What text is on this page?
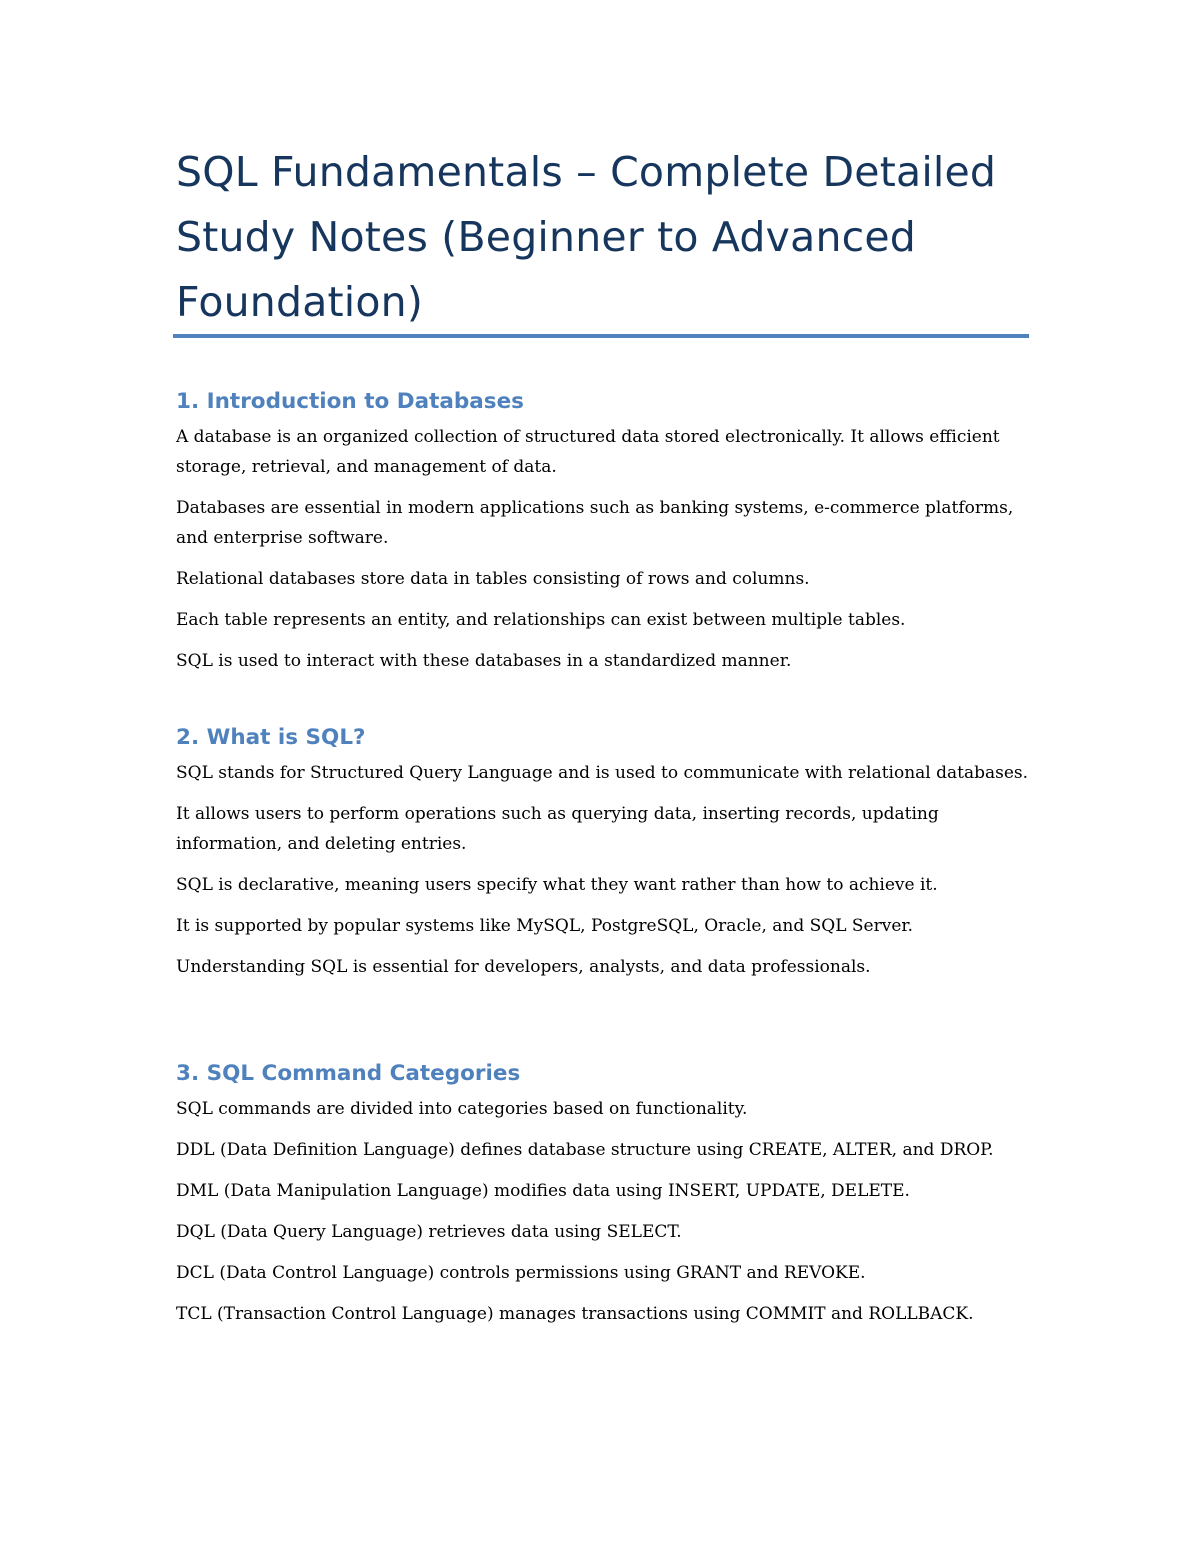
SQL Fundamentals – Complete Detailed Study Notes (Beginner to Advanced Foundation)
1. Introduction to Databases

A database is an organized collection of structured data stored electronically. It allows efficient storage, retrieval, and management of data.

Databases are essential in modern applications such as banking systems, e-commerce platforms, and enterprise software.

Relational databases store data in tables consisting of rows and columns.

Each table represents an entity, and relationships can exist between multiple tables.

SQL is used to interact with these databases in a standardized manner.

2. What is SQL?

SQL stands for Structured Query Language and is used to communicate with relational databases.

It allows users to perform operations such as querying data, inserting records, updating information, and deleting entries.

SQL is declarative, meaning users specify what they want rather than how to achieve it.

It is supported by popular systems like MySQL, PostgreSQL, Oracle, and SQL Server.

Understanding SQL is essential for developers, analysts, and data professionals.

3. SQL Command Categories

SQL commands are divided into categories based on functionality.

DDL (Data Definition Language) defines database structure using CREATE, ALTER, and DROP.

DML (Data Manipulation Language) modifies data using INSERT, UPDATE, DELETE.

DQL (Data Query Language) retrieves data using SELECT.

DCL (Data Control Language) controls permissions using GRANT and REVOKE.

TCL (Transaction Control Language) manages transactions using COMMIT and ROLLBACK.
